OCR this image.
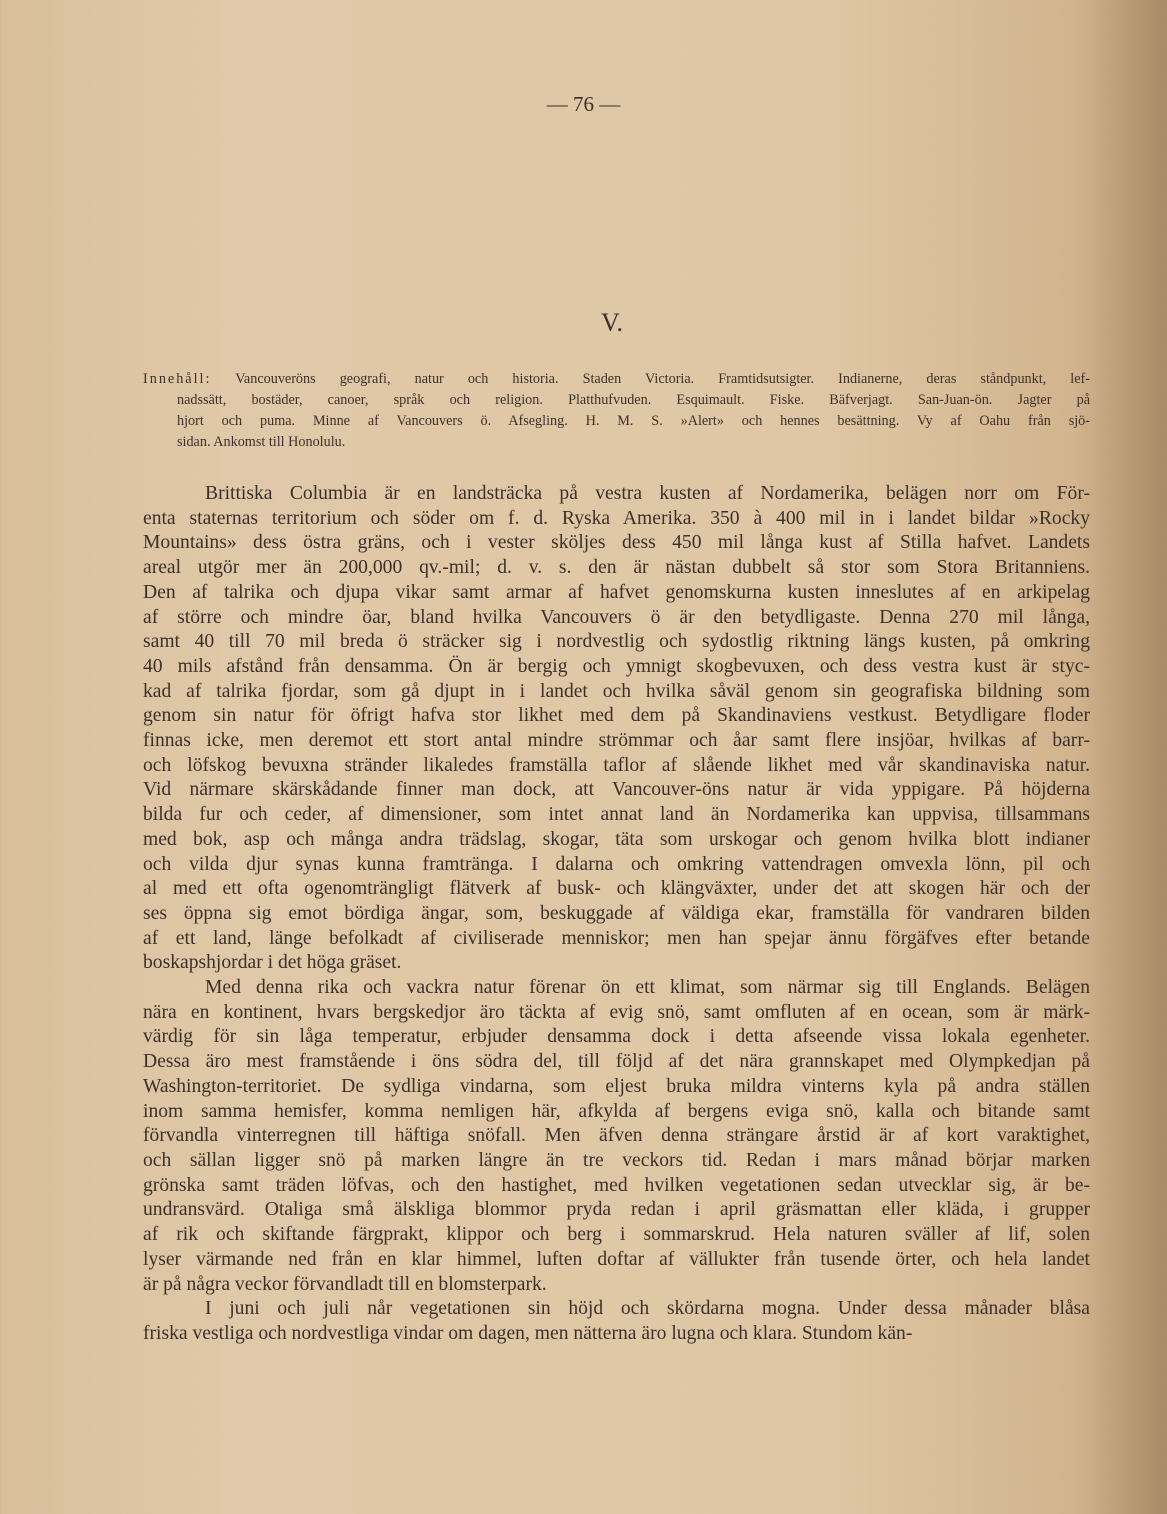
— 76 —
V.
Innehåll: Vancouveröns geografi, natur och historia. Staden Victoria. Framtidsutsigter. Indianerne, deras ståndpunkt, lef-
nadssätt, bostäder, canoer, språk och religion. Platthufvuden. Esquimault. Fiske. Bäfverjagt. San-Juan-ön. Jagter på
hjort och puma. Minne af Vancouvers ö. Afsegling. H. M. S. »Alert» och hennes besättning. Vy af Oahu från sjö-
sidan. Ankomst till Honolulu.
Brittiska Columbia är en landsträcka på vestra kusten af Nordamerika, belägen norr om För-
enta staternas territorium och söder om f. d. Ryska Amerika. 350 à 400 mil in i landet bildar »Rocky
Mountains» dess östra gräns, och i vester sköljes dess 450 mil långa kust af Stilla hafvet. Landets
areal utgör mer än 200,000 qv.-mil; d. v. s. den är nästan dubbelt så stor som Stora Britanniens.
Den af talrika och djupa vikar samt armar af hafvet genomskurna kusten inneslutes af en arkipelag
af större och mindre öar, bland hvilka Vancouvers ö är den betydligaste. Denna 270 mil långa,
samt 40 till 70 mil breda ö sträcker sig i nordvestlig och sydostlig riktning längs kusten, på omkring
40 mils afstånd från densamma. Ön är bergig och ymnigt skogbevuxen, och dess vestra kust är styc-
kad af talrika fjordar, som gå djupt in i landet och hvilka såväl genom sin geografiska bildning som
genom sin natur för öfrigt hafva stor likhet med dem på Skandinaviens vestkust. Betydligare floder
finnas icke, men deremot ett stort antal mindre strömmar och åar samt flere insjöar, hvilkas af barr-
och löfskog bevuxna stränder likaledes framställa taflor af slående likhet med vår skandinaviska natur.
Vid närmare skärskådande finner man dock, att Vancouver-öns natur är vida yppigare. På höjderna
bilda fur och ceder, af dimensioner, som intet annat land än Nordamerika kan uppvisa, tillsammans
med bok, asp och många andra trädslag, skogar, täta som urskogar och genom hvilka blott indianer
och vilda djur synas kunna framtränga. I dalarna och omkring vattendragen omvexla lönn, pil och
al med ett ofta ogenomträngligt flätverk af busk- och klängväxter, under det att skogen här och der
ses öppna sig emot bördiga ängar, som, beskuggade af väldiga ekar, framställa för vandraren bilden
af ett land, länge befolkadt af civiliserade menniskor; men han spejar ännu förgäfves efter betande
boskapshjordar i det höga gräset.
Med denna rika och vackra natur förenar ön ett klimat, som närmar sig till Englands. Belägen
nära en kontinent, hvars bergskedjor äro täckta af evig snö, samt omfluten af en ocean, som är märk-
värdig för sin låga temperatur, erbjuder densamma dock i detta afseende vissa lokala egenheter.
Dessa äro mest framstående i öns södra del, till följd af det nära grannskapet med Olympkedjan på
Washington-territoriet. De sydliga vindarna, som eljest bruka mildra vinterns kyla på andra ställen
inom samma hemisfer, komma nemligen här, afkylda af bergens eviga snö, kalla och bitande samt
förvandla vinterregnen till häftiga snöfall. Men äfven denna strängare årstid är af kort varaktighet,
och sällan ligger snö på marken längre än tre veckors tid. Redan i mars månad börjar marken
grönska samt träden löfvas, och den hastighet, med hvilken vegetationen sedan utvecklar sig, är be-
undransvärd. Otaliga små älskliga blommor pryda redan i april gräsmattan eller kläda, i grupper
af rik och skiftande färgprakt, klippor och berg i sommarskrud. Hela naturen sväller af lif, solen
lyser värmande ned från en klar himmel, luften doftar af vällukter från tusende örter, och hela landet
är på några veckor förvandladt till en blomsterpark.
I juni och juli når vegetationen sin höjd och skördarna mogna. Under dessa månader blåsa
friska vestliga och nordvestliga vindar om dagen, men nätterna äro lugna och klara. Stundom kän-
